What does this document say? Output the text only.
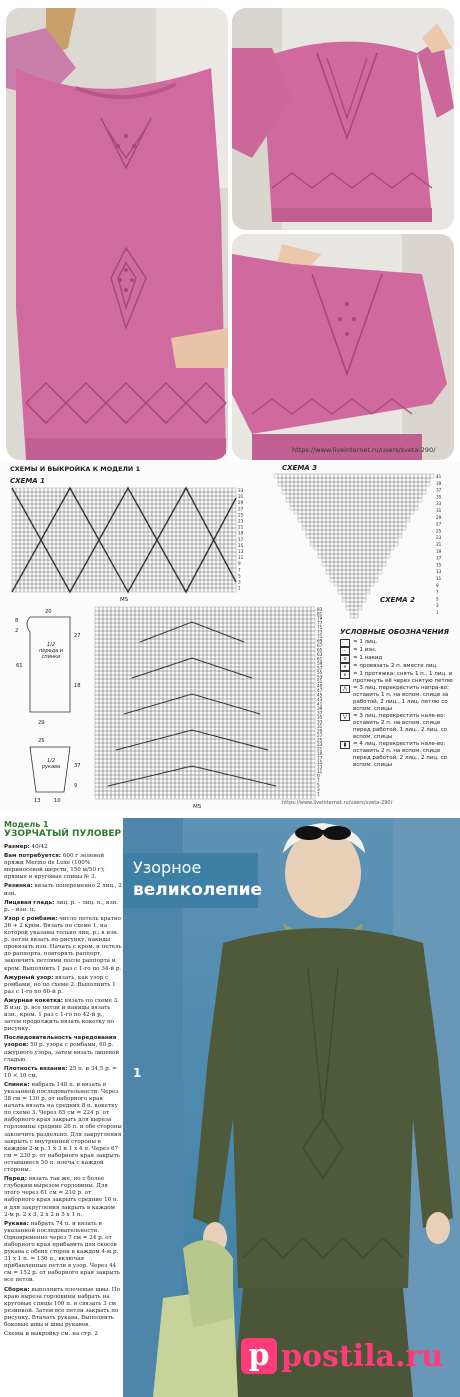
https://www.liveinternet.ru/users/sveta-290/
СХЕМЫ И ВЫКРОЙКА К МОДЕЛИ 1
СХЕМА 1
СХЕМА 3
СХЕМА 2
MS
MS
https://www.liveinternet.ru/users/sveta-290/
33
31
29
27
25
23
21
19
17
15
13
11
9
7
5
3
1
41
39
37
35
33
31
29
27
25
23
21
19
17
15
13
11
9
7
5
3
1
83
81
79
77
75
73
71
69
67
65
63
61
59
57
55
53
51
49
47
45
43
41
39
37
35
33
31
29
27
25
23
21
19
17
15
13
11
9
7
5
3
1
20
8
2
27
18
61
29
25
37
9
13	10
1/2 переда и спинки
1/2 рукава
УСЛОВНЫЕ ОБОЗНАЧЕНИЯ
= 1 лиц.
–	= 1 изн.
o	= 1 накид
∧	= провязать 2 п. вместе лиц.
∨	= 1 протяжка: снять 1 п., 1 лиц. и протянуть её через снятую петлю
⋀	= 3 лиц. перекрестить напра-во: оставить 1 п. на вспом. спице за работой, 2 лиц., 1 лиц. петлю со вспом. спицы
⋁	= 3 лиц. перекрестить нале-во: оставить 2 п. на вспом. спице перед работой, 1 лиц., 2 лиц. со вспом. спицы
▮	= 4 лиц. перекрестить нале-во: оставить 2 п. на вспом. спице перед работой, 2 лиц., 2 лиц. со вспом. спицы
Модель 1
УЗОРЧАТЫЙ ПУЛОВЕР

Размер: 40/42

Вам потребуется: 600 г зеленой пряжи Merino de Luxe (100% мериносовой шерсти, 150 м/50 г); прямые и круговые спицы № 3.

Резинка: вязать попеременно 2 лиц., 2 изн.

Лицевая гладь: лиц. р. – лиц. п., изн. р. – изн. п.

Узор с ромбами: число петель кратно 36 + 2 кром. Вязать по схеме 1, на которой указаны только лиц. р.; в изн. р. петли вязать по рисунку, накиды провязать изн. Начать с кром. и петель до раппорта, повторять раппорт, закончить петлями после раппорта и кром. Выполнить 1 раз с 1-го по 34-й р.

Ажурный узор: вязать, как узор с ромбами, но по схеме 2. Выполнить 1 раз с 1-го по 60-й р.

Ажурная кокетка: вязать по схеме 3. В изн. р. все петли и накиды вязать изн., кром. 1 раз с 1-го по 42-й р., затем продолжить вязать кокетку по рисунку.

Последовательность чередования узоров: 50 р. узора с ромбами, 60 р. ажурного узора, затем вязать лицевой гладью.

Плотность вязания: 25 п. и 34,5 р. = 10 × 10 см.

Спинка: набрать 148 п. и вязать в указанной последовательности. Через 38 см = 130 р. от наборного края начать вязать на средних 8 п. кокетку по схеме 3. Через 65 см = 224 р. от наборного края закрыть для выреза горловины средние 26 п. и обе стороны закончить раздельно. Для закругления закрыть с внутренней стороны в каждом 2-м р. 1 х 3 и 1 х 4 п. Через 67 см = 230 р. от наборного края закрыть оставшиеся 50 п. плеча с каждой стороны.

Перед: вязать так же, но с более глубоким вырезом горловины. Для этого через 61 см = 210 р. от наборного края закрыть средние 16 п. и для закругления закрыть в каждом 2-м р. 2 х 3, 2 х 2 и 5 х 1 п.

Рукава: набрать 74 п. и вязать в указанной последовательности. Одновременно через 7 см = 24 р. от наборного края прибавить для скосов рукава с обеих сторон в каждом 4-м р. 31 х 1 п. = 136 п., включая прибавленные петли в узор. Через 44 см = 152 р. от наборного края закрыть все петли.

Сборка: выполнить плечевые швы. По краю выреза горловины набрать на круговые спицы 100 п. и связать 3 см резинкой. Затем все петли закрыть по рисунку. Втачать рукава. Выполнить боковые швы и швы рукавов.

Схемы и выкройку см. на стр. 2

Узорное
великолепие
1
p postila.ru
